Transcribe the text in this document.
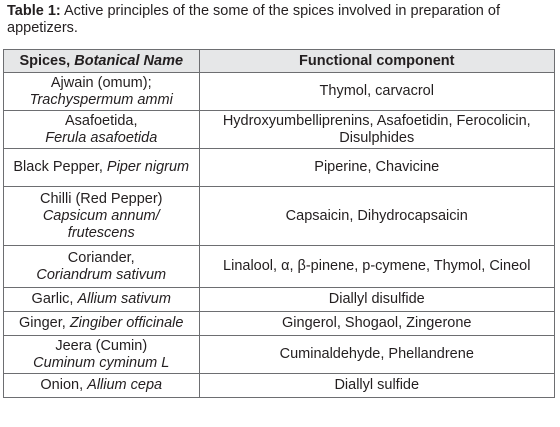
Table 1: Active principles of the some of the spices involved in preparation of appetizers.
Spices, Botanical Name	Functional component
Ajwain (omum);
Trachyspermum ammi	Thymol, carvacrol
Asafoetida,
Ferula asafoetida	Hydroxyumbelliprenins, Asafoetidin, Ferocolicin,
Disulphides
Black Pepper, Piper nigrum	Piperine, Chavicine
Chilli (Red Pepper)
Capsicum annum/
frutescens	Capsaicin, Dihydrocapsaicin
Coriander,
Coriandrum sativum	Linalool, α, β-pinene, p-cymene, Thymol, Cineol
Garlic, Allium sativum	Diallyl disulfide
Ginger, Zingiber officinale	Gingerol, Shogaol, Zingerone
Jeera (Cumin)
Cuminum cyminum L	Cuminaldehyde, Phellandrene
Onion, Allium cepa	Diallyl sulfide
